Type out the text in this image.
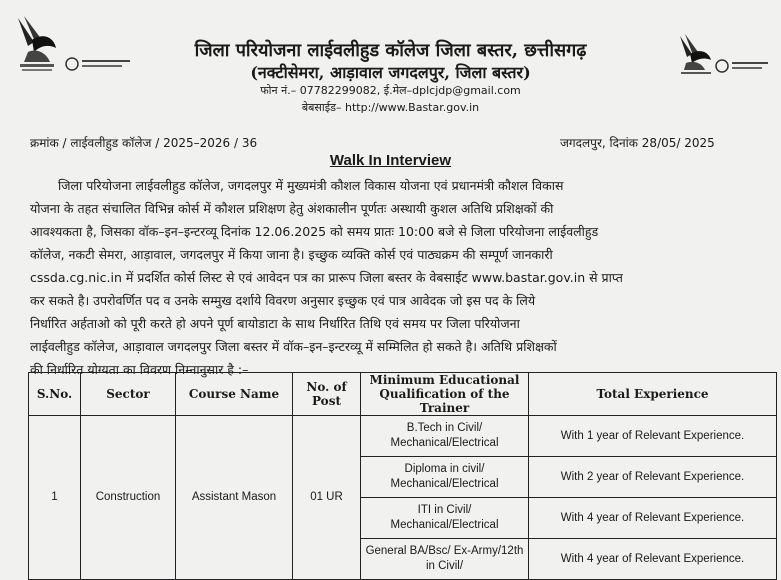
जिला परियोजना लाईवलीहुड कॉलेज जिला बस्तर, छत्तीसगढ़
(नक्टीसेमरा, आड़ावाल जगदलपुर, जिला बस्तर)
फोन नं.– 07782299082, ई.मेल–dplcjdp@gmail.com
बेबसाईड– http://www.Bastar.gov.in
क्रमांक / लाईवलीहुड कॉलेज / 2025–2026 / 36	जगदलपुर, दिनांक 28/05/ 2025
Walk In Interview
जिला परियोजना लाईवलीहुड कॉलेज, जगदलपुर में मुख्यमंत्री कौशल विकास योजना एवं प्रधानमंत्री कौशल विकास
योजना के तहत संचालित विभिन्न कोर्स में कौशल प्रशिक्षण हेतु अंशकालीन पूर्णतः अस्थायी कुशल अतिथि प्रशिक्षकों की
आवश्यकता है, जिसका वॉक–इन–इन्टरव्यू दिनांक 12.06.2025 को समय प्रातः 10:00 बजे से जिला परियोजना लाईवलीहुड
कॉलेज, नकटी सेमरा, आड़ावाल, जगदलपुर में किया जाना है। इच्छुक व्यक्ति कोर्स एवं पाठ्यक्रम की सम्पूर्ण जानकारी
cssda.cg.nic.in में प्रदर्शित कोर्स लिस्ट से एवं आवेदन पत्र का प्रारूप जिला बस्तर के वेबसाईट www.bastar.gov.in से प्राप्त
कर सकते है। उपरोवर्णित पद व उनके सम्मुख दर्शाये विवरण अनुसार इच्छुक एवं पात्र आवेदक जो इस पद के लिये
निर्धारित अर्हताओ को पूरी करते हो अपने पूर्ण बायोडाटा के साथ निर्धारित तिथि एवं समय पर जिला परियोजना
लाईवलीहुड कॉलेज, आड़ावाल जगदलपुर जिला बस्तर में वॉक–इन–इन्टरव्यू में सम्मिलित हो सकते है। अतिथि प्रशिक्षकों
की निर्धारित योग्यता का विवरण निम्नानुसार है :–
S.No.	Sector	Course Name	No. of Post	Minimum Educational Qualification of the Trainer	Total Experience
1	Construction	Assistant Mason	01 UR	B.Tech in Civil/ Mechanical/Electrical	With 1 year of Relevant Experience.
				Diploma in civil/ Mechanical/Electrical	With 2 year of Relevant Experience.
				ITI in Civil/ Mechanical/Electrical	With 4 year of Relevant Experience.
				General BA/Bsc/ Ex-Army/12th in Civil/	With 4 year of Relevant Experience.
